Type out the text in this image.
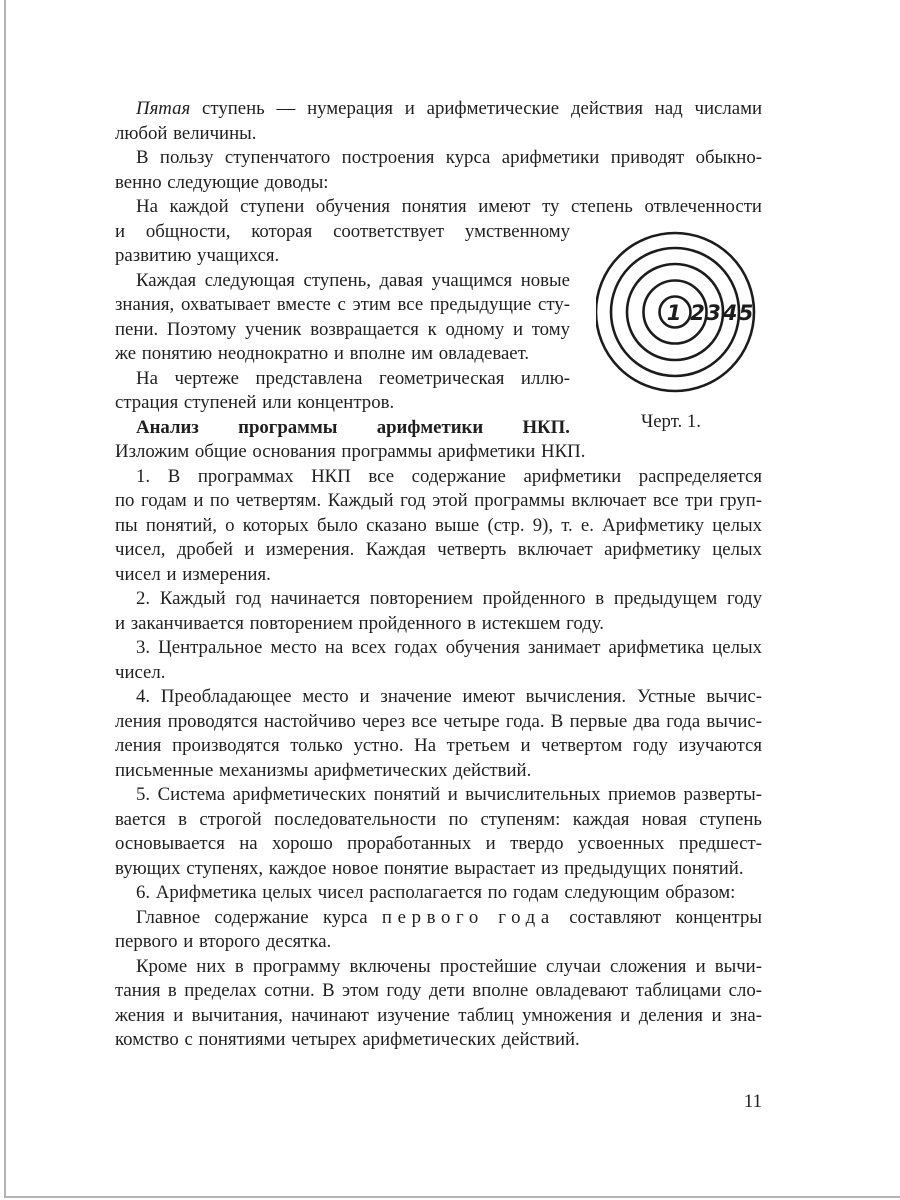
Пятая ступень — нумерация и арифметические действия над числами
любой величины.
В пользу ступенчатого построения курса арифметики приводят обыкно-
венно следующие доводы:
На каждой ступени обучения понятия имеют ту степень отвлеченности
и общности, которая соответствует умственному
развитию учащихся.
Каждая следующая ступень, давая учащимся новые
знания, охватывает вместе с этим все предыдущие сту-
пени. Поэтому ученик возвращается к одному и тому
же понятию неоднократно и вполне им овладевает.
На чертеже представлена геометрическая иллю-
страция ступеней или концентров.
Анализ программы арифметики НКП.
Изложим общие основания программы арифметики НКП.
1. В программах НКП все содержание арифметики распределяется
по годам и по четвертям. Каждый год этой программы включает все три груп-
пы понятий, о которых было сказано выше (стр. 9), т. е. Арифметику целых
чисел, дробей и измерения. Каждая четверть включает арифметику целых
чисел и измерения.
2. Каждый год начинается повторением пройденного в предыдущем году
и заканчивается повторением пройденного в истекшем году.
3. Центральное место на всех годах обучения занимает арифметика целых
чисел.
4. Преобладающее место и значение имеют вычисления. Устные вычис-
ления проводятся настойчиво через все четыре года. В первые два года вычис-
ления производятся только устно. На третьем и четвертом году изучаются
письменные механизмы арифметических действий.
5. Система арифметических понятий и вычислительных приемов разверты-
вается в строгой последовательности по ступеням: каждая новая ступень
основывается на хорошо проработанных и твердо усвоенных предшест-
вующих ступенях, каждое новое понятие вырастает из предыдущих понятий.
6. Арифметика целых чисел располагается по годам следующим образом:
Главное содержание курса первого года составляют концентры
первого и второго десятка.
Кроме них в программу включены простейшие случаи сложения и вычи-
тания в пределах сотни. В этом году дети вполне овладевают таблицами сло-
жения и вычитания, начинают изучение таблиц умножения и деления и зна-
комство с понятиями четырех арифметических действий.
1 2 3 4 5
Черт. 1.
11
